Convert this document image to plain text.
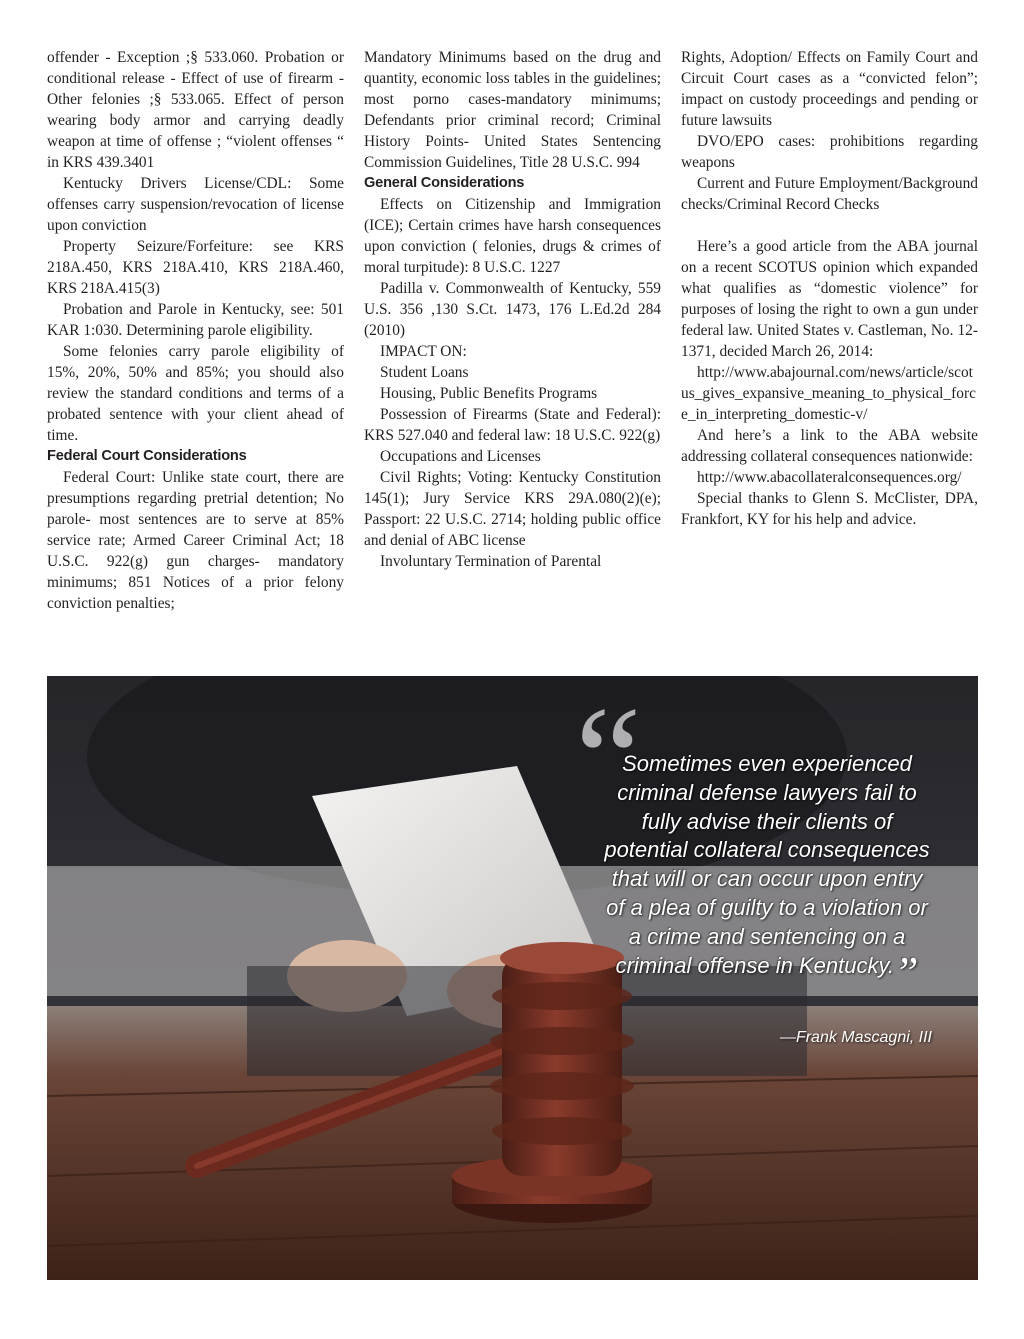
offender - Exception ;§ 533.060. Probation or conditional release - Effect of use of firearm - Other felonies ;§ 533.065. Effect of person wearing body armor and carrying deadly weapon at time of offense ; “violent offenses “ in KRS 439.3401

Kentucky Drivers License/CDL: Some offenses carry suspension/revocation of license upon conviction

Property Seizure/Forfeiture: see KRS 218A.450, KRS 218A.410, KRS 218A.460, KRS 218A.415(3)

Probation and Parole in Kentucky, see: 501 KAR 1:030. Determining parole eligibility.

Some felonies carry parole eligibility of 15%, 20%, 50% and 85%; you should also review the standard conditions and terms of a probated sentence with your client ahead of time.

Federal Court Considerations

Federal Court: Unlike state court, there are presumptions regarding pretrial detention; No parole- most sentences are to serve at 85% service rate; Armed Career Criminal Act; 18 U.S.C. 922(g) gun charges- mandatory minimums; 851 Notices of a prior felony conviction penalties;

Mandatory Minimums based on the drug and quantity, economic loss tables in the guidelines; most porno cases-mandatory minimums; Defendants prior criminal record; Criminal History Points- United States Sentencing Commission Guidelines, Title 28 U.S.C. 994

General Considerations

Effects on Citizenship and Immigration (ICE); Certain crimes have harsh consequences upon conviction ( felonies, drugs & crimes of moral turpitude): 8 U.S.C. 1227

Padilla v. Commonwealth of Kentucky, 559 U.S. 356 ,130 S.Ct. 1473, 176 L.Ed.2d 284 (2010)

IMPACT ON:

Student Loans

Housing, Public Benefits Programs

Possession of Firearms (State and Federal): KRS 527.040 and federal law: 18 U.S.C. 922(g)

Occupations and Licenses

Civil Rights; Voting: Kentucky Constitution 145(1); Jury Service KRS 29A.080(2)(e); Passport: 22 U.S.C. 2714; holding public office and denial of ABC license

Involuntary Termination of Parental

Rights, Adoption/ Effects on Family Court and Circuit Court cases as a “convicted felon”; impact on custody proceedings and pending or future lawsuits

DVO/EPO cases: prohibitions regarding weapons

Current and Future Employment/Background checks/Criminal Record Checks

Here’s a good article from the ABA journal on a recent SCOTUS opinion which expanded what qualifies as “domestic violence” for purposes of losing the right to own a gun under federal law. United States v. Castleman, No. 12-1371, decided March 26, 2014:

http://www.abajournal.com/news/article/scotus_gives_expansive_meaning_to_physical_force_in_interpreting_domestic-v/

And here’s a link to the ABA website addressing collateral consequences nationwide:

http://www.abacollateralconsequences.org/

Special thanks to Glenn S. McClister, DPA, Frankfort, KY for his help and advice.

“
Sometimes even experienced criminal defense lawyers fail to fully advise their clients of potential collateral consequences that will or can occur upon entry of a plea of guilty to a violation or a crime and sentencing on a criminal offense in Kentucky.”
—Frank Mascagni, III
